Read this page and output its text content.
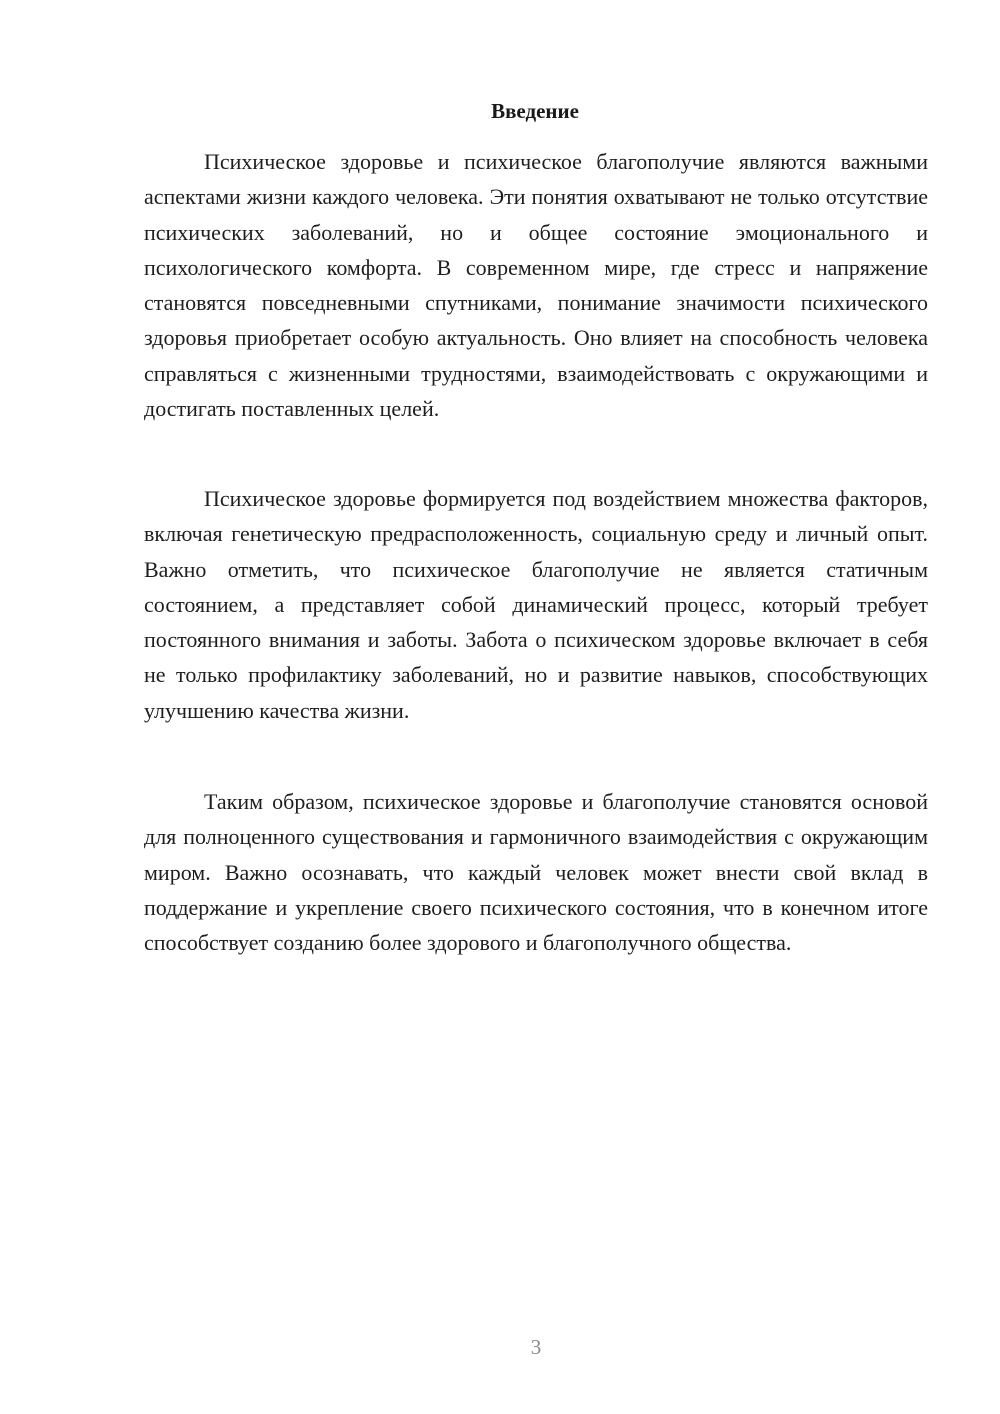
Введение

Психическое здоровье и психическое благополучие являются важными аспектами жизни каждого человека. Эти понятия охватывают не только отсутствие психических заболеваний, но и общее состояние эмоционального и психологического комфорта. В современном мире, где стресс и напряжение становятся повседневными спутниками, понимание значимости психического здоровья приобретает особую актуальность. Оно влияет на способность человека справляться с жизненными трудностями, взаимодействовать с окружающими и достигать поставленных целей.

Психическое здоровье формируется под воздействием множества факторов, включая генетическую предрасположенность, социальную среду и личный опыт. Важно отметить, что психическое благополучие не является статичным состоянием, а представляет собой динамический процесс, который требует постоянного внимания и заботы. Забота о психическом здоровье включает в себя не только профилактику заболеваний, но и развитие навыков, способствующих улучшению качества жизни.

Таким образом, психическое здоровье и благополучие становятся основой для полноценного существования и гармоничного взаимодействия с окружающим миром. Важно осознавать, что каждый человек может внести свой вклад в поддержание и укрепление своего психического состояния, что в конечном итоге способствует созданию более здорового и благополучного общества.

3
